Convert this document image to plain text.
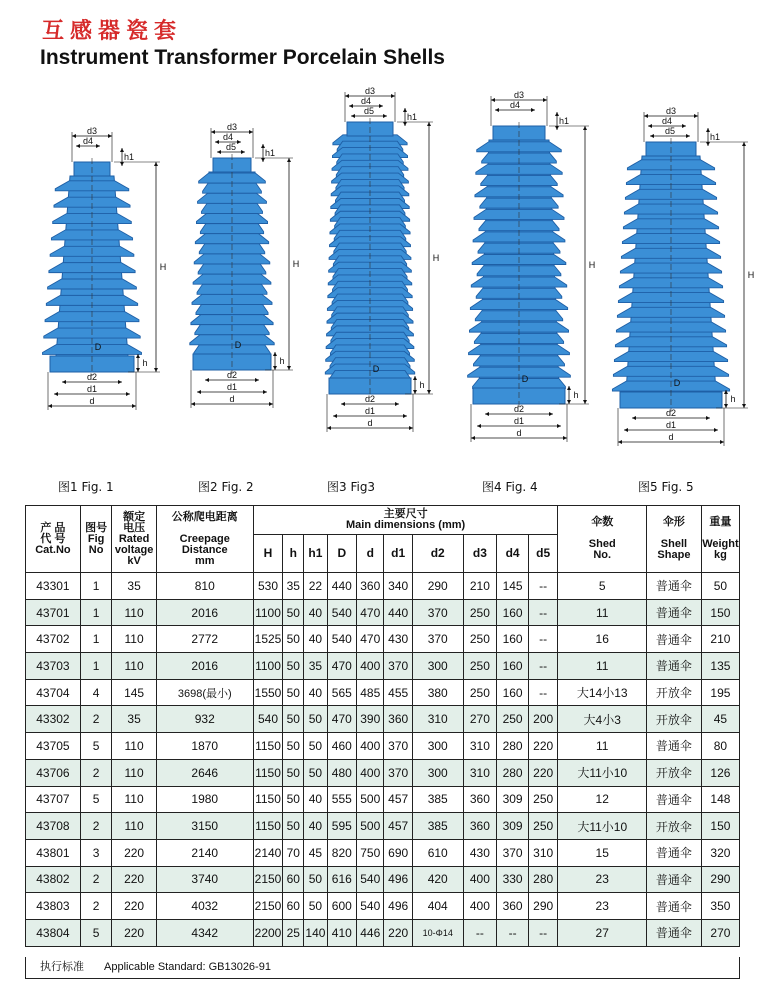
互感器瓷套
Instrument Transformer Porcelain Shells
d3
d4
h1
H
h
D
d2
d1
d
d3
d4
d5
h1
H
h
D
d2
d1
d
d3
d4
d5
h1
H
h
D
d2
d1
d
d3
d4
h1
H
h
D
d2
d1
d
d3
d4
d5
h1
H
h
D
d2
d1
d
图1 Fig. 1	图2 Fig. 2	图3 Fig3	图4 Fig. 4	图5 Fig. 5
产 品
代 号
Cat.No	图号
Fig
No	额定
电压
Rated
voltage
kV	公称爬电距离

Creepage
Distance
mm	主要尺寸
Main dimensions (mm)										伞数

Shed
No.	伞形

Shell
Shape	重量

Weight
kg
				H	h	h1	D	d	d1	d2	d3	d4	d5			
43301	1	35	810	530	35	22	440	360	340	290	210	145	--	5	普通伞	50
43701	1	110	2016	1100	50	40	540	470	440	370	250	160	--	11	普通伞	150
43702	1	110	2772	1525	50	40	540	470	430	370	250	160	--	16	普通伞	210
43703	1	110	2016	1100	50	35	470	400	370	300	250	160	--	11	普通伞	135
43704	4	145	3698(最小)	1550	50	40	565	485	455	380	250	160	--	大14小13	开放伞	195
43302	2	35	932	540	50	50	470	390	360	310	270	250	200	大4小3	开放伞	45
43705	5	110	1870	1150	50	50	460	400	370	300	310	280	220	11	普通伞	80
43706	2	110	2646	1150	50	50	480	400	370	300	310	280	220	大11小10	开放伞	126
43707	5	110	1980	1150	50	40	555	500	457	385	360	309	250	12	普通伞	148
43708	2	110	3150	1150	50	40	595	500	457	385	360	309	250	大11小10	开放伞	150
43801	3	220	2140	2140	70	45	820	750	690	610	430	370	310	15	普通伞	320
43802	2	220	3740	2150	60	50	616	540	496	420	400	330	280	23	普通伞	290
43803	2	220	4032	2150	60	50	600	540	496	404	400	360	290	23	普通伞	350
43804	5	220	4342	2200	25	140	410	446	220	10-Φ14	--	--	--	27	普通伞	270
执行标准 Applicable Standard: GB13026-91
